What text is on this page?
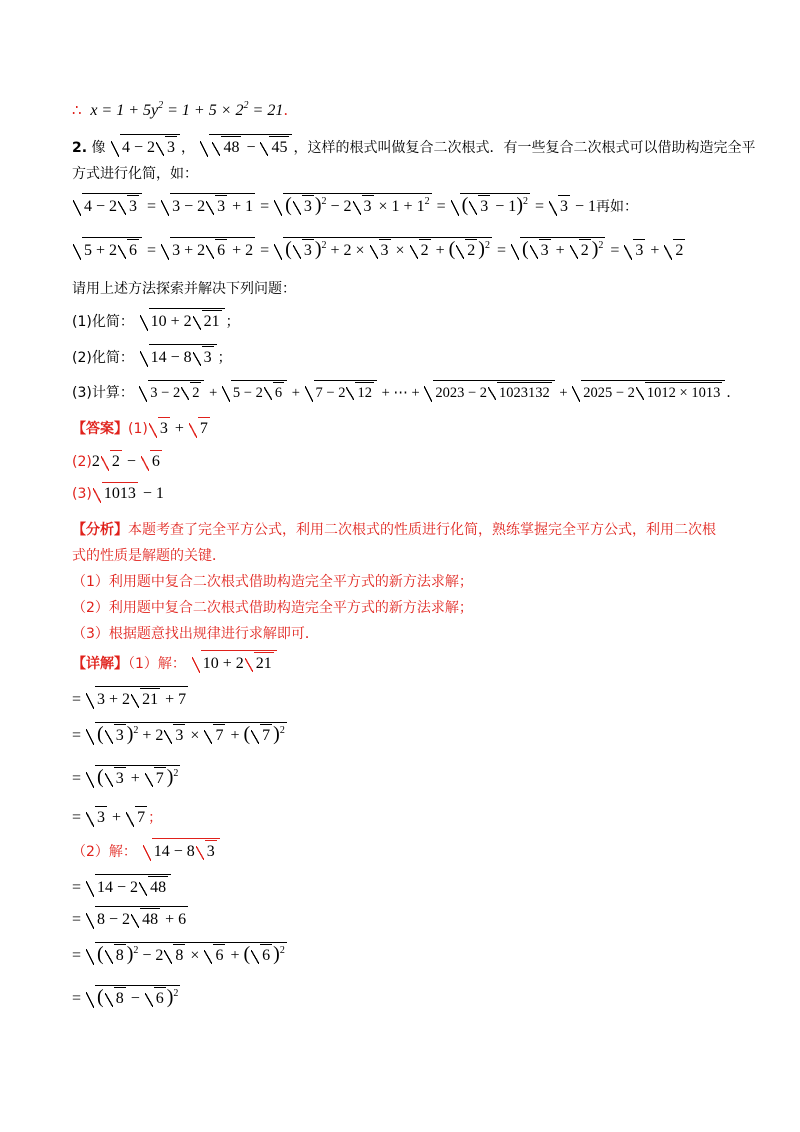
∴  $x = 1 + 5y^2 = 1 + 5 \times 2^2 = 21$.
2. 像 4 − 2 3 ， 48 − 45 ，这样的根式叫做复合二次根式．有一些复合二次根式可以借助构造完全平
方式进行化简，如：
4 − 2 3 = 3 − 2 3 + 1 = ( 3 )$^2$ − 2 $3 \times 1 + 1^2$ = ( 3 − 1)$^2$ = 3 − 1再如：
5 + 2 6 = 3 + 2 6 + 2 = ( 3 )$^2$ + 2 × 3 × 2 + ( 2 )$^2$ = ( 3 + 2 )$^2$ = 3 + 2
请用上述方法探索并解决下列问题：
(1)化简： 10 + 2 21 ；
(2)化简： 14 − 8 3 ；
(3)计算： 3 − 2 2 + 5 − 2 6 + 7 − 2 12 + ⋯ + 2023 − 2 1023132 + 2025 − 2 1012 × 1013 ．
【答案】(1) 3 + 7
(2)2 2 − 6
(3) 1013 − 1
【分析】本题考查了完全平方公式，利用二次根式的性质进行化简，熟练掌握完全平方公式，利用二次根
式的性质是解题的关键．
（1）利用题中复合二次根式借助构造完全平方式的新方法求解；
（2）利用题中复合二次根式借助构造完全平方式的新方法求解；
（3）根据题意找出规律进行求解即可．
【详解】（1）解： 10 + 2 21
= 3 + 2 21 + 7
= ( 3 )$^2$ + 2 3 × 7 + ( 7 )$^2$
= ( 3 + 7 )$^2$
= 3 + 7 ；
（2）解： 14 − 8 3
= 14 − 2 48
= 8 − 2 48 + 6
= ( 8 )$^2$ − 2 8 × 6 + ( 6 )$^2$
= ( 8 − 6 )$^2$
